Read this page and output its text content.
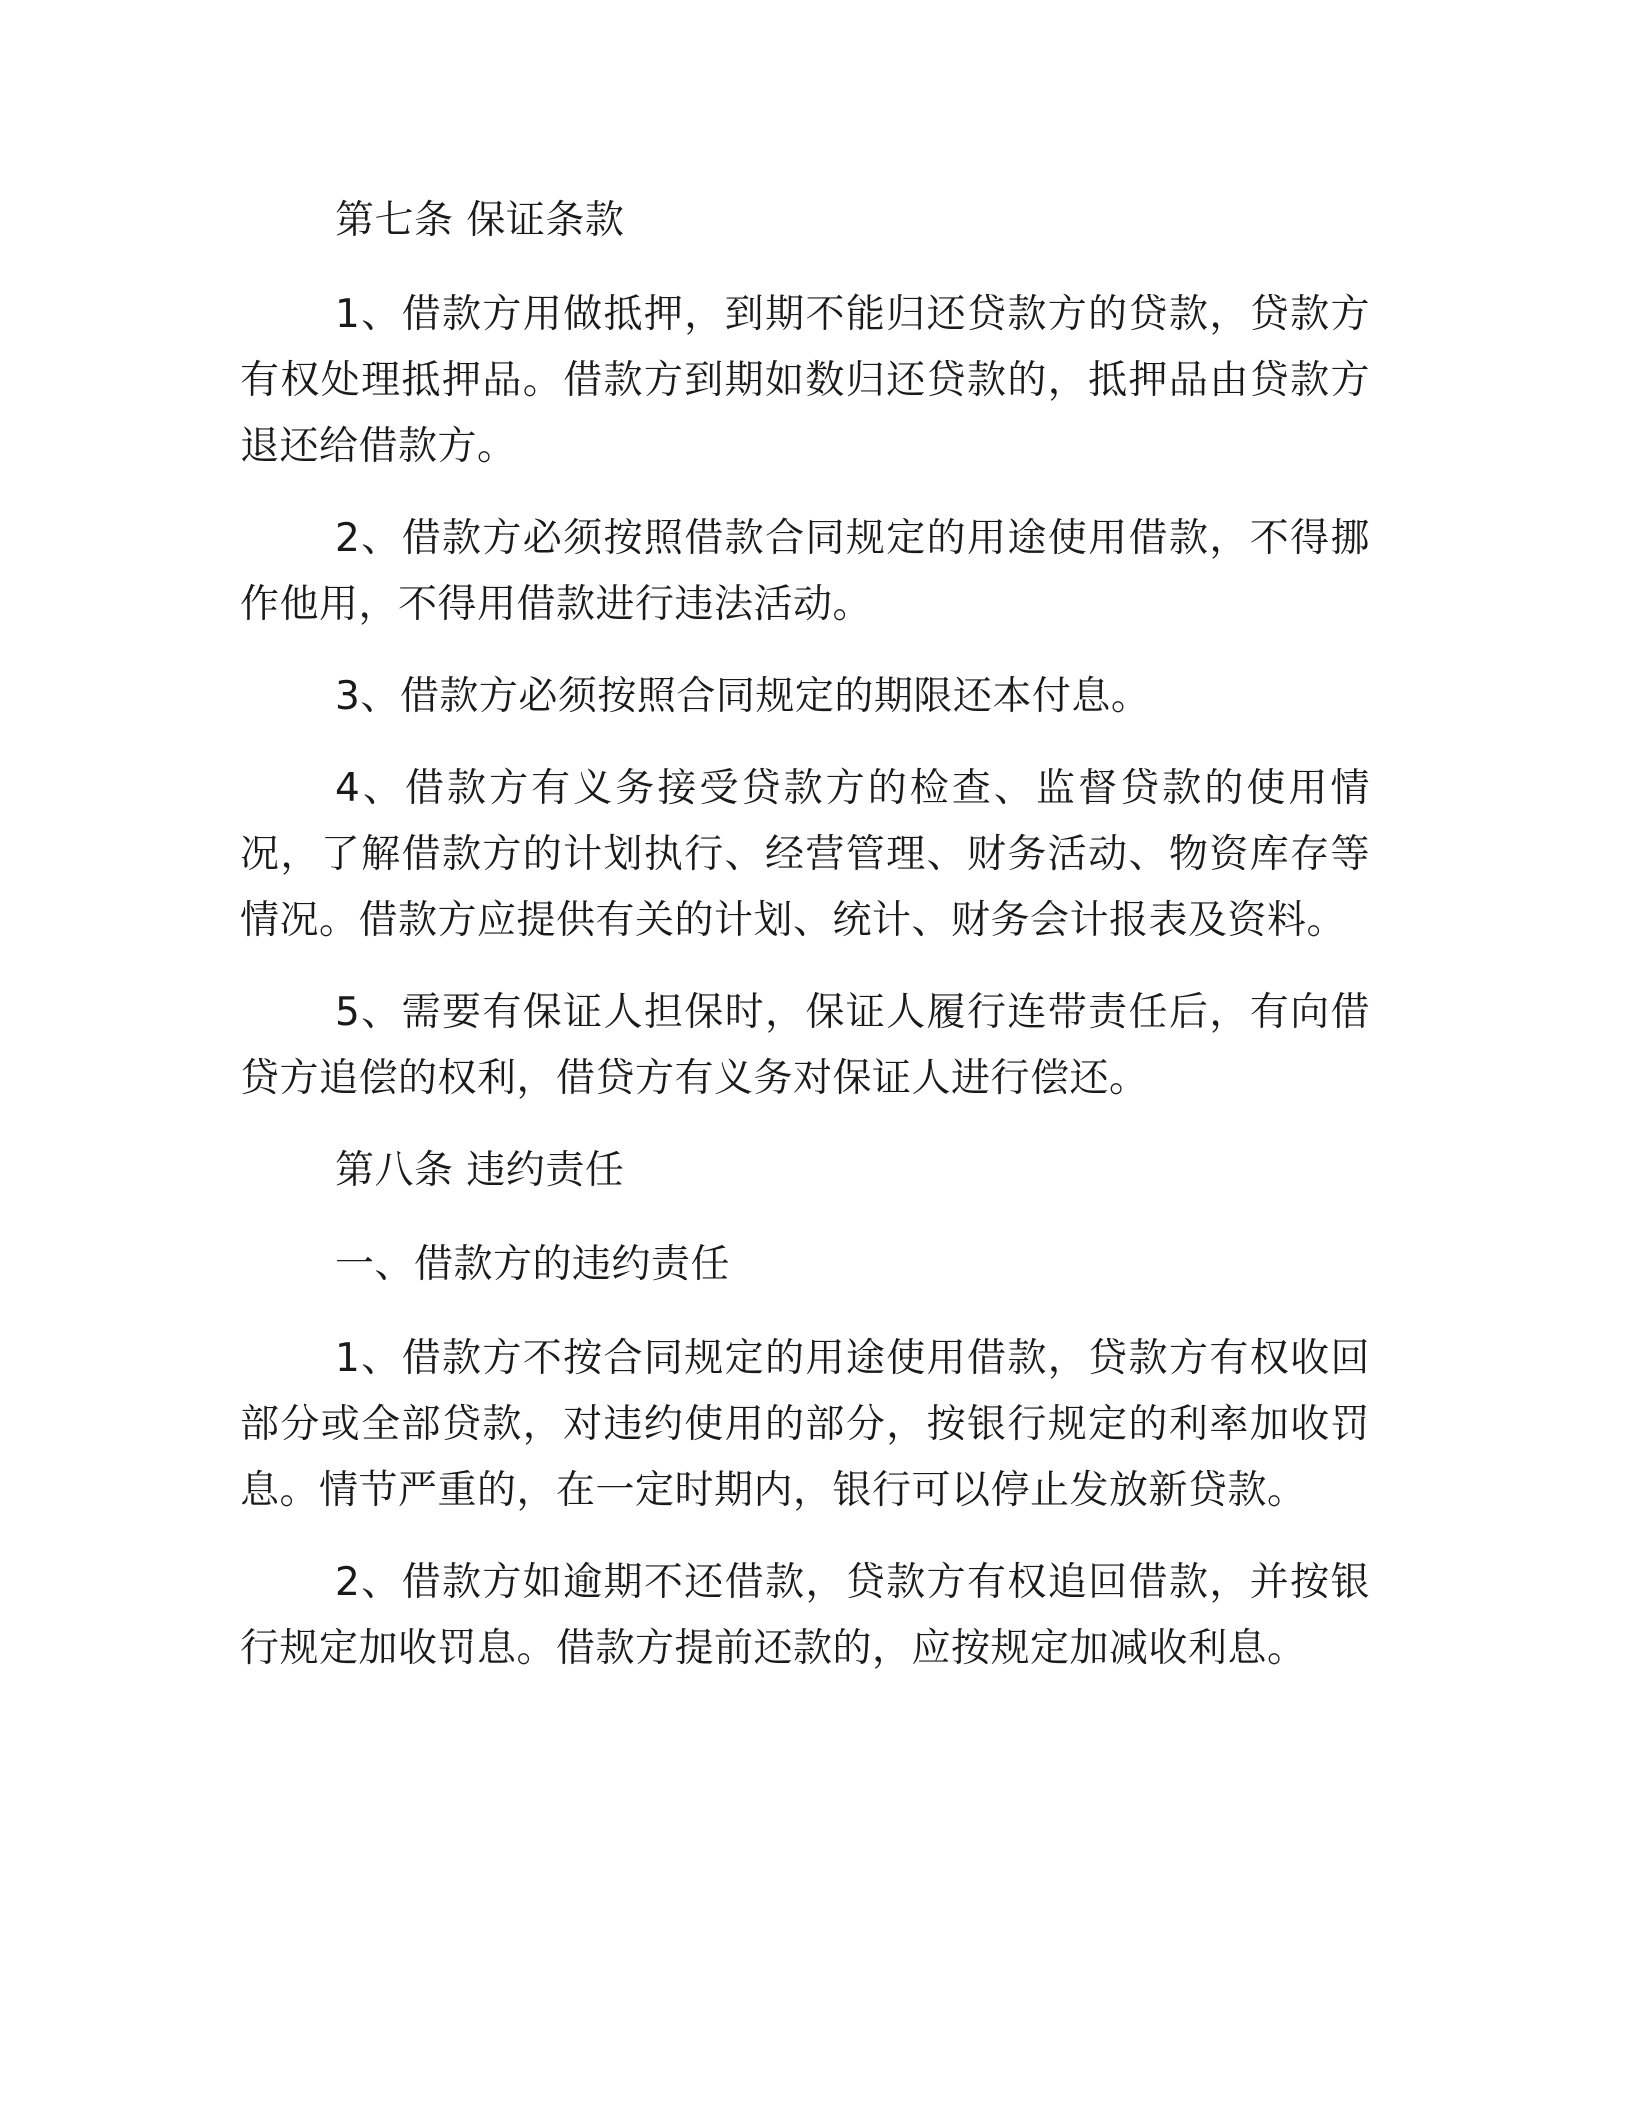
第七条 保证条款

1、借款方用做抵押，到期不能归还贷款方的贷款，贷款方有权处理抵押品。借款方到期如数归还贷款的，抵押品由贷款方退还给借款方。

2、借款方必须按照借款合同规定的用途使用借款，不得挪作他用，不得用借款进行违法活动。

3、借款方必须按照合同规定的期限还本付息。

4、借款方有义务接受贷款方的检查、监督贷款的使用情况，了解借款方的计划执行、经营管理、财务活动、物资库存等情况。借款方应提供有关的计划、统计、财务会计报表及资料。

5、需要有保证人担保时，保证人履行连带责任后，有向借贷方追偿的权利，借贷方有义务对保证人进行偿还。

第八条 违约责任

一、借款方的违约责任

1、借款方不按合同规定的用途使用借款，贷款方有权收回部分或全部贷款，对违约使用的部分，按银行规定的利率加收罚息。情节严重的，在一定时期内，银行可以停止发放新贷款。

2、借款方如逾期不还借款，贷款方有权追回借款，并按银行规定加收罚息。借款方提前还款的，应按规定加减收利息。
